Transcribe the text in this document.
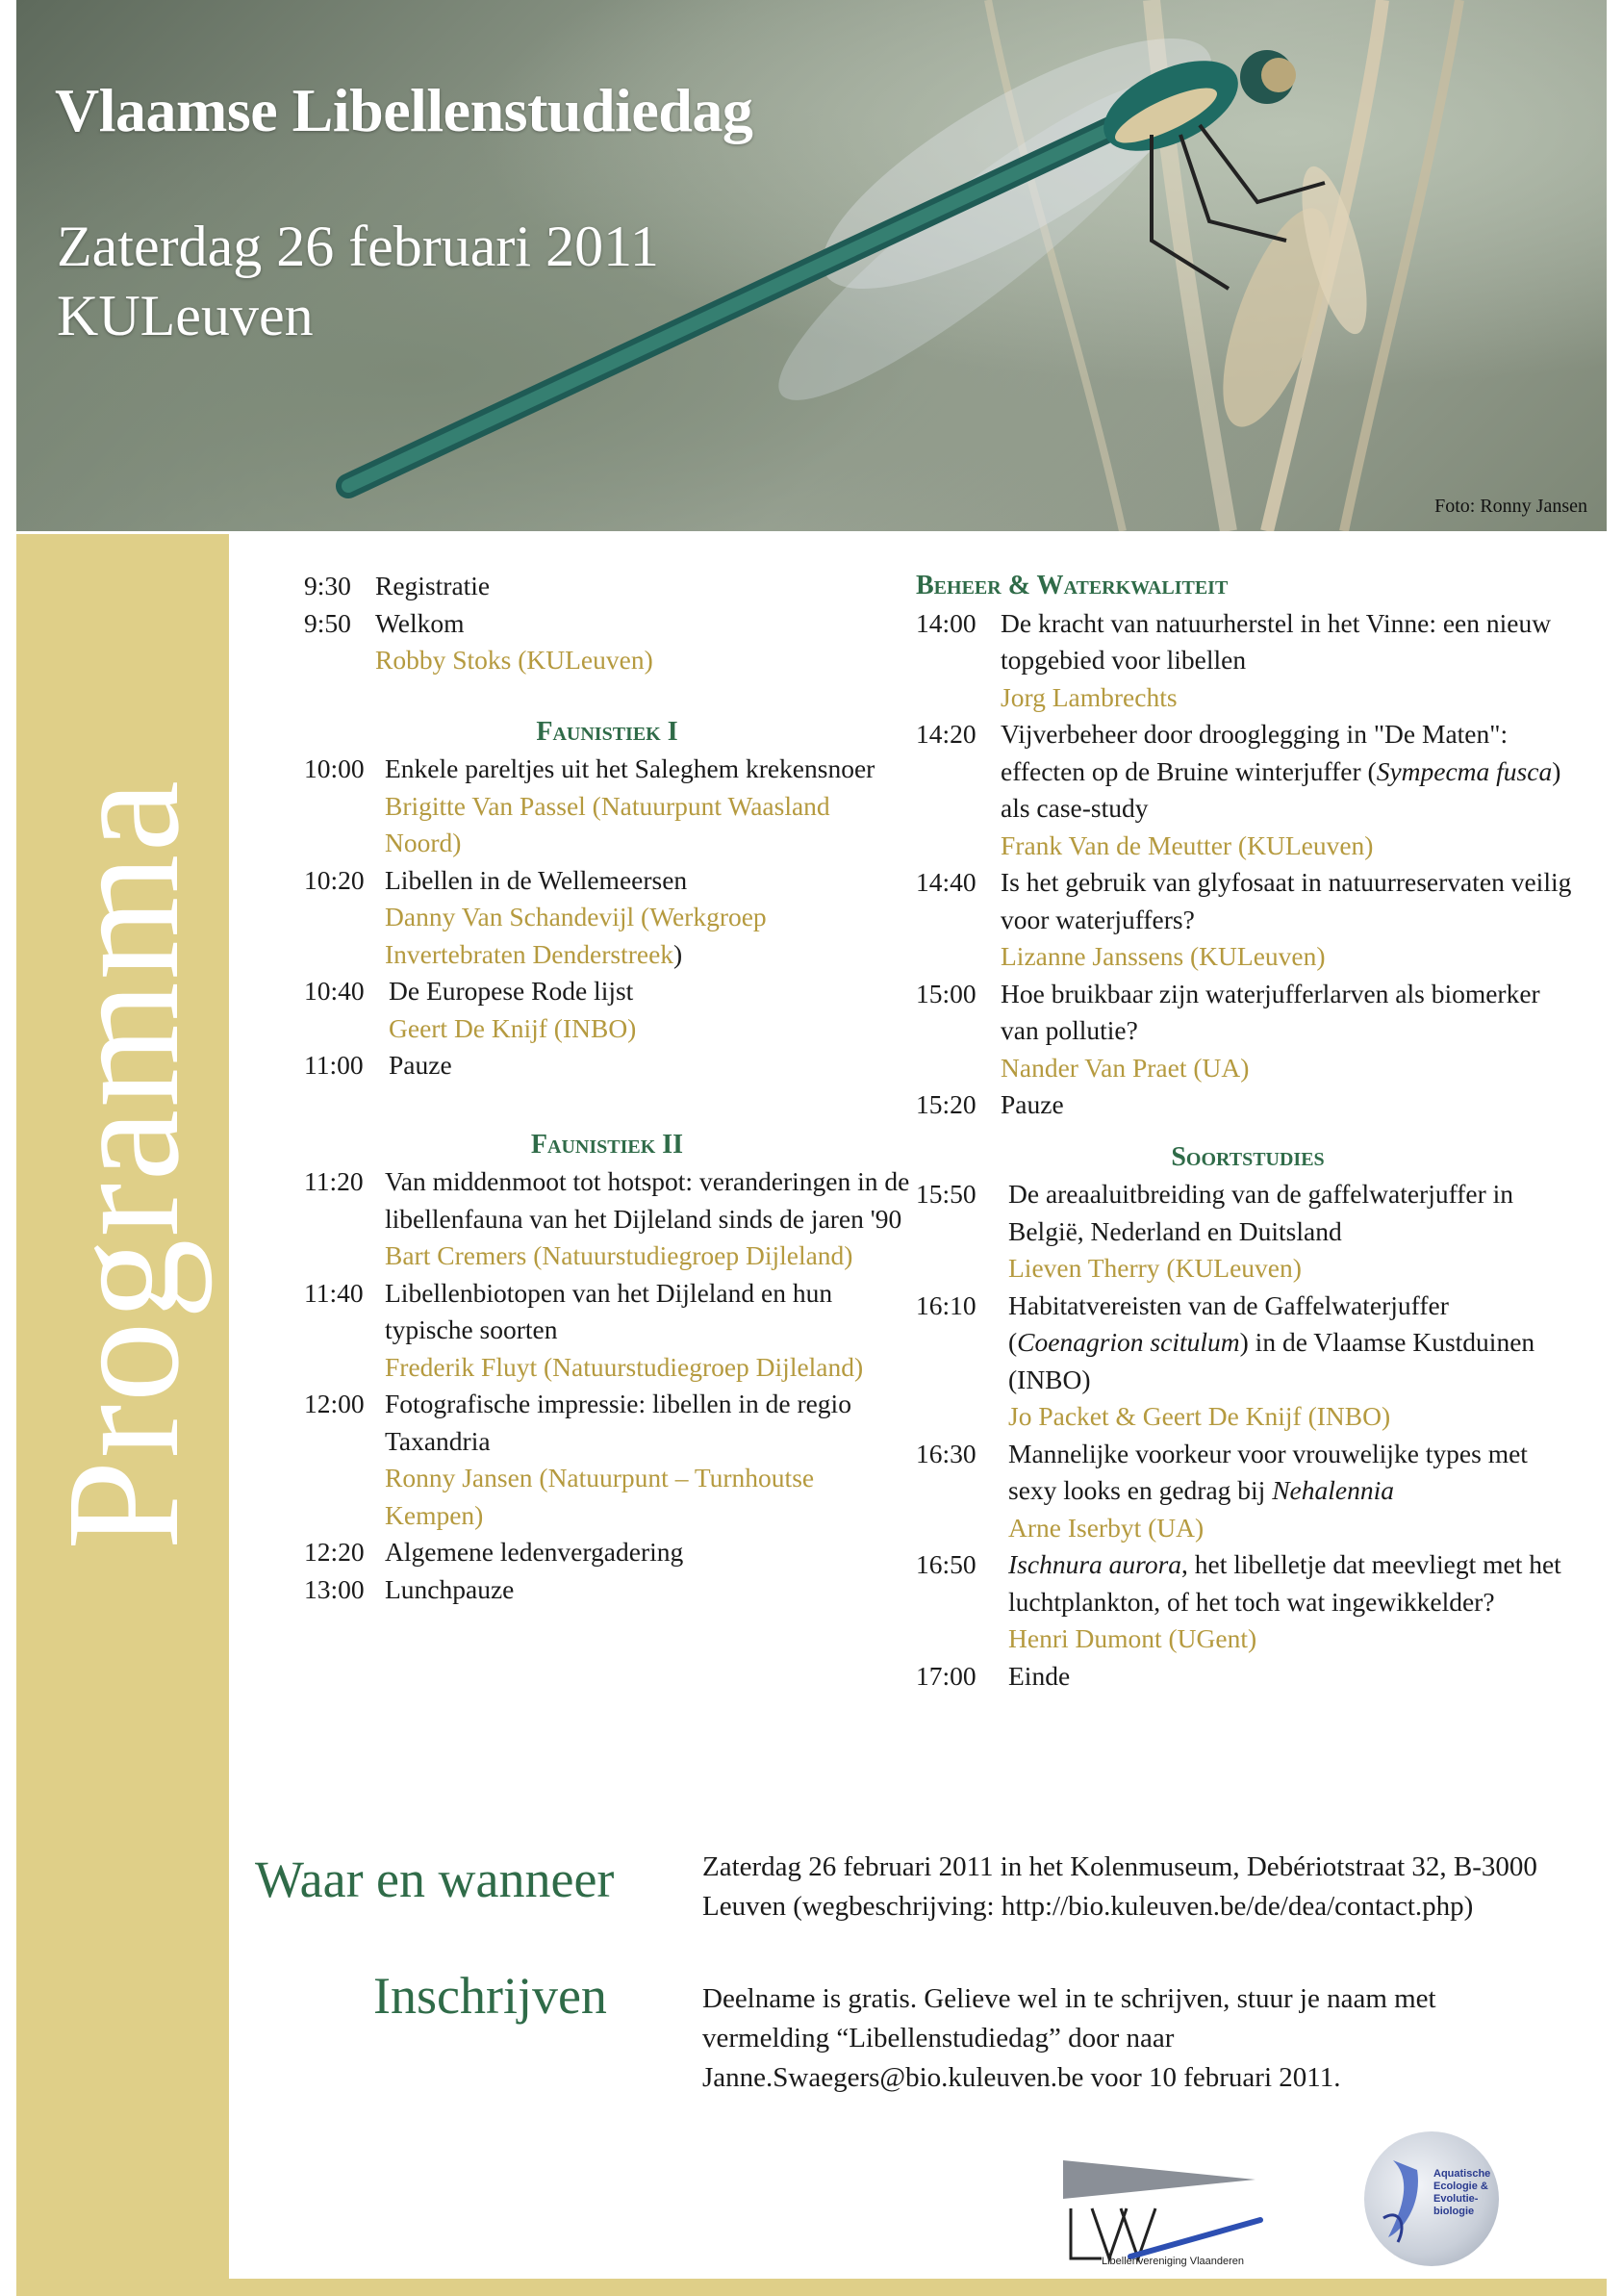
Vlaamse Libellenstudiedag
Zaterdag 26 februari 2011
KULeuven
Foto: Ronny Jansen
Programma
9:30 Registratie
9:50 Welkom
Robby Stoks (KULeuven)
Faunistiek I
10:00 Enkele pareltjes uit het Saleghem krekensnoer
Brigitte Van Passel (Natuurpunt Waasland Noord)
10:20 Libellen in de Wellemeersen
Danny Van Schandevijl (Werkgroep Invertebraten Denderstreek)
10:40 De Europese Rode lijst
Geert De Knijf (INBO)
11:00 Pauze
Faunistiek II
11:20 Van middenmoot tot hotspot: veranderingen in de libellenfauna van het Dijleland sinds de jaren '90
Bart Cremers (Natuurstudiegroep Dijleland)
11:40 Libellenbiotopen van het Dijleland en hun typische soorten
Frederik Fluyt (Natuurstudiegroep Dijleland)
12:00 Fotografische impressie: libellen in de regio Taxandria
Ronny Jansen (Natuurpunt – Turnhoutse Kempen)
12:20 Algemene ledenvergadering
13:00 Lunchpauze
Beheer & Waterkwaliteit
14:00 De kracht van natuurherstel in het Vinne: een nieuw topgebied voor libellen
Jorg Lambrechts
14:20 Vijverbeheer door drooglegging in "De Maten": effecten op de Bruine winterjuffer (Sympecma fusca) als case-study
Frank Van de Meutter (KULeuven)
14:40 Is het gebruik van glyfosaat in natuurreservaten veilig voor waterjuffers?
Lizanne Janssens (KULeuven)
15:00 Hoe bruikbaar zijn waterjufferlarven als biomerker van pollutie?
Nander Van Praet (UA)
15:20 Pauze
Soortstudies
15:50	De areaaluitbreiding van de gaffelwaterjuffer in België, Nederland en Duitsland
Lieven Therry (KULeuven)
16:10	Habitatvereisten van de Gaffelwaterjuffer (Coenagrion scitulum) in de Vlaamse Kustduinen (INBO)
Jo Packet & Geert De Knijf (INBO)
16:30	Mannelijke voorkeur voor vrouwelijke types met sexy looks en gedrag bij Nehalennia
Arne Iserbyt (UA)
16:50	Ischnura aurora, het libelletje dat meevliegt met het luchtplankton, of het toch wat ingewikkelder?
Henri Dumont (UGent)
17:00	Einde
Waar en wanneer	Zaterdag 26 februari 2011 in het Kolenmuseum, Debériotstraat 32, B-3000 Leuven (wegbeschrijving: http://bio.kuleuven.be/de/dea/contact.php)
Inschrijven	Deelname is gratis. Gelieve wel in te schrijven, stuur je naam met vermelding “Libellenstudiedag” door naar Janne.Swaegers@bio.kuleuven.be voor 10 februari 2011.
LVV	Libellenvereniging Vlaanderen
Aquatische Ecologie & Evolutie-biologie
